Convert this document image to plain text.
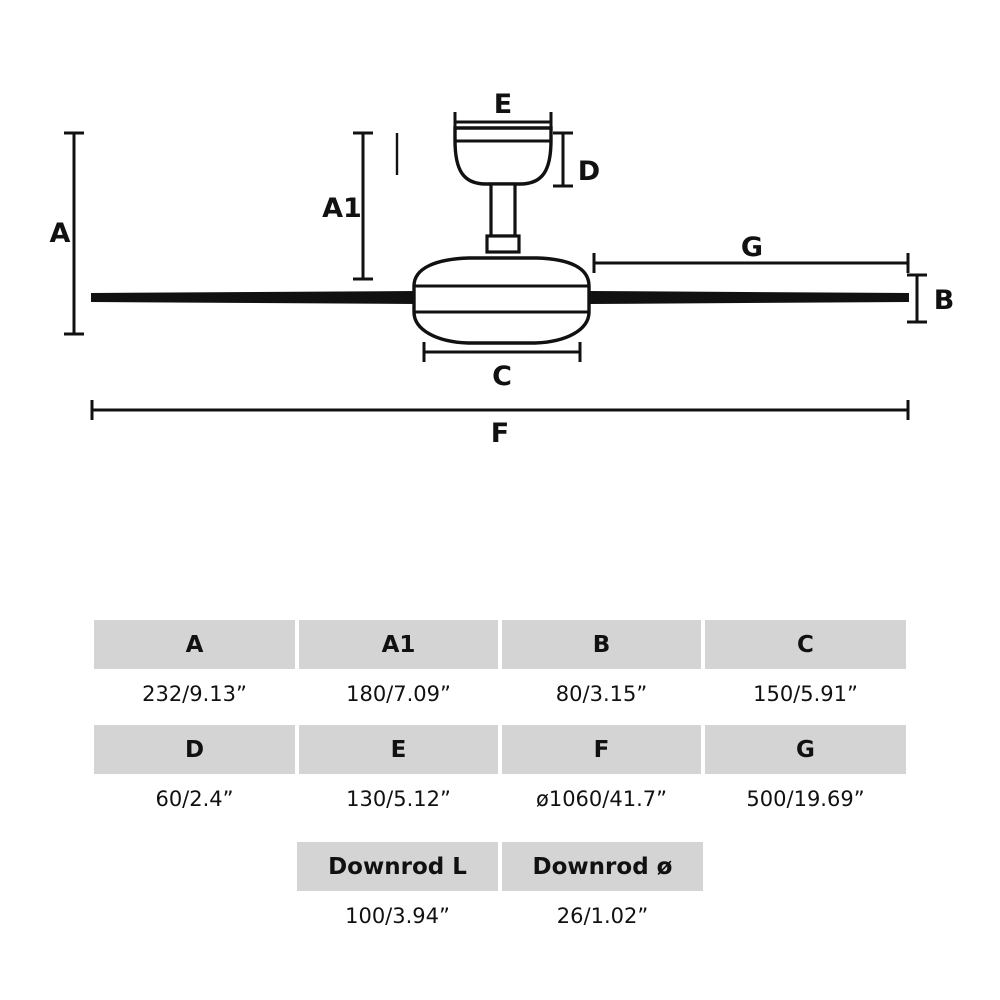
A
A1
B
C
D
E
F
G
A	A1	B	C
232/9.13”	180/7.09”	80/3.15”	150/5.91”

D	E	F	G
60/2.4”	130/5.12”	ø1060/41.7”	500/19.69”
Downrod L	Downrod ø
100/3.94”	26/1.02”
